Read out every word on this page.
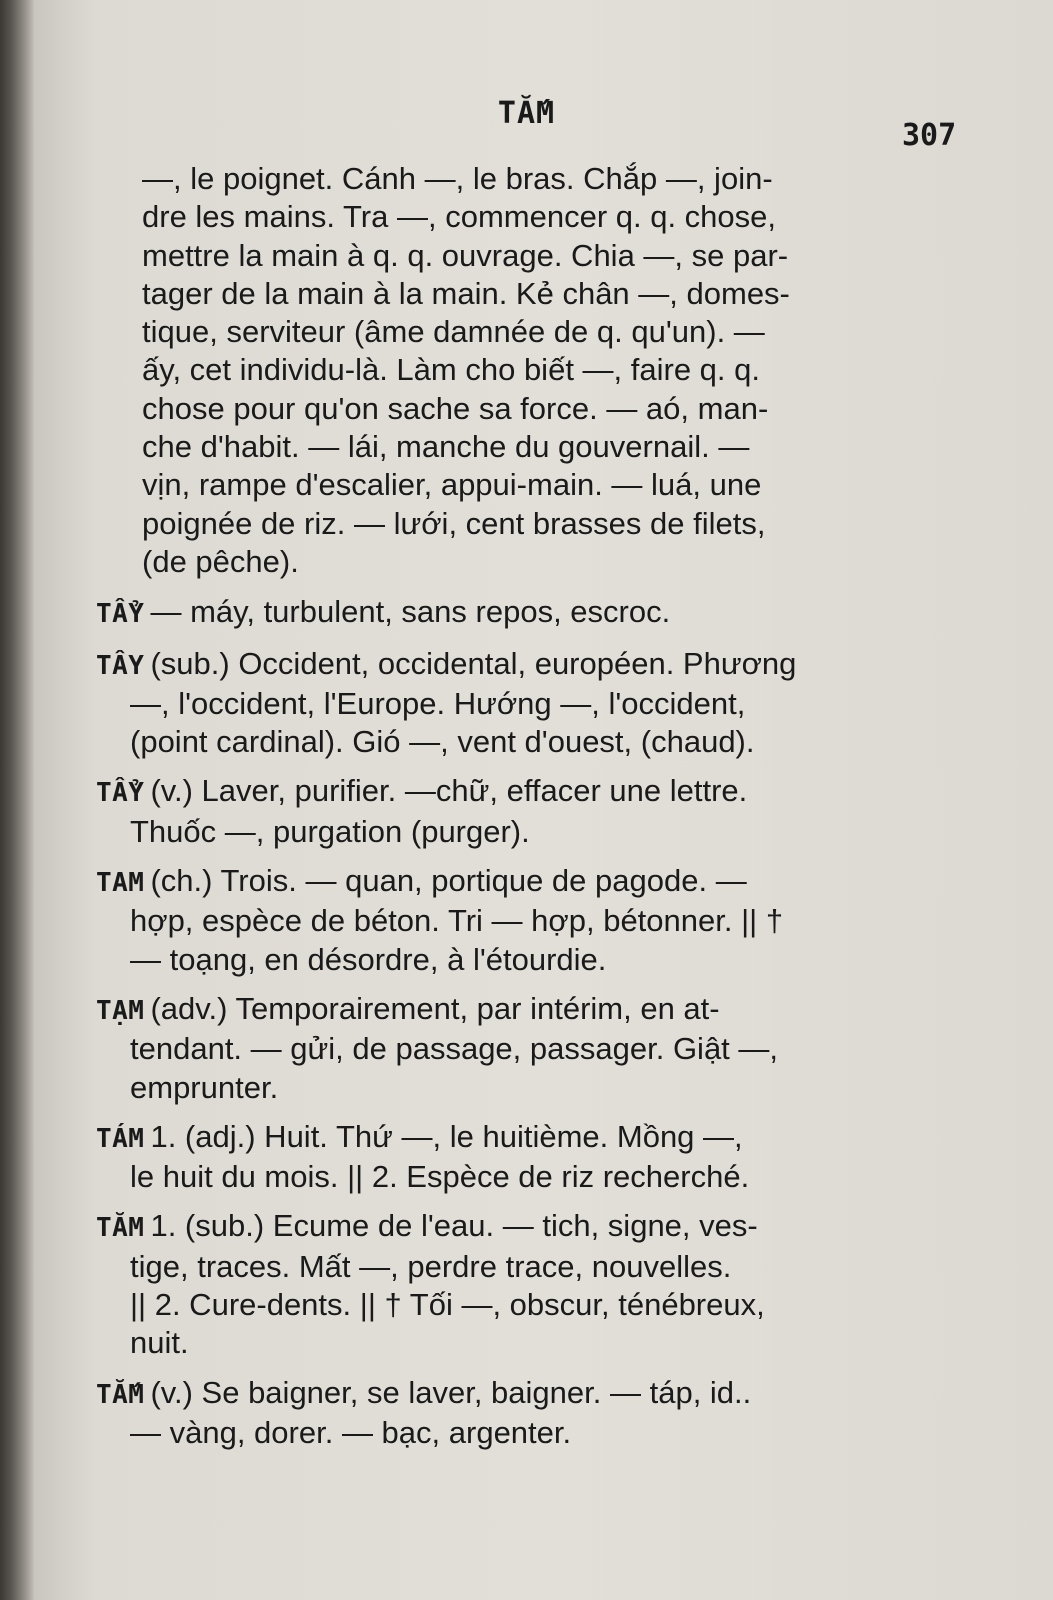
TẮM
307
—, le poignet. Cánh —, le bras. Chắp —, join-
dre les mains. Tra —, commencer q. q. chose,
mettre la main à q. q. ouvrage. Chia —, se par-
tager de la main à la main. Kẻ chân —, domes-
tique, serviteur (âme damnée de q. qu'un). —
ấy, cet individu-là. Làm cho biết —, faire q. q.
chose pour qu'on sache sa force. — aó, man-
che d'habit. — lái, manche du gouvernail. —
vịn, rampe d'escalier, appui-main. — luá, une
poignée de riz. — lưới, cent brasses de filets,
(de pêche).
TẨY — máy, turbulent, sans repos, escroc.
TÂY (sub.) Occident, occidental, européen. Phương
—, l'occident, l'Europe. Hướng —, l'occident,
(point cardinal). Gió —, vent d'ouest, (chaud).
TẨY (v.) Laver, purifier. —chữ, effacer une lettre.
Thuốc —, purgation (purger).
TAM (ch.) Trois. — quan, portique de pagode. —
hợp, espèce de béton. Tri — hợp, bétonner. || †
— toạng, en désordre, à l'étourdie.
TẠM (adv.) Temporairement, par intérim, en at-
tendant. — gửi, de passage, passager. Giật —,
emprunter.
TÁM 1. (adj.) Huit. Thứ —, le huitième. Mồng —,
le huit du mois. || 2. Espèce de riz recherché.
TĂM 1. (sub.) Ecume de l'eau. — tich, signe, ves-
tige, traces. Mất —, perdre trace, nouvelles.
|| 2. Cure-dents. || † Tối —, obscur, ténébreux,
nuit.
TẮM (v.) Se baigner, se laver, baigner. — táp, id..
— vàng, dorer. — bạc, argenter.
